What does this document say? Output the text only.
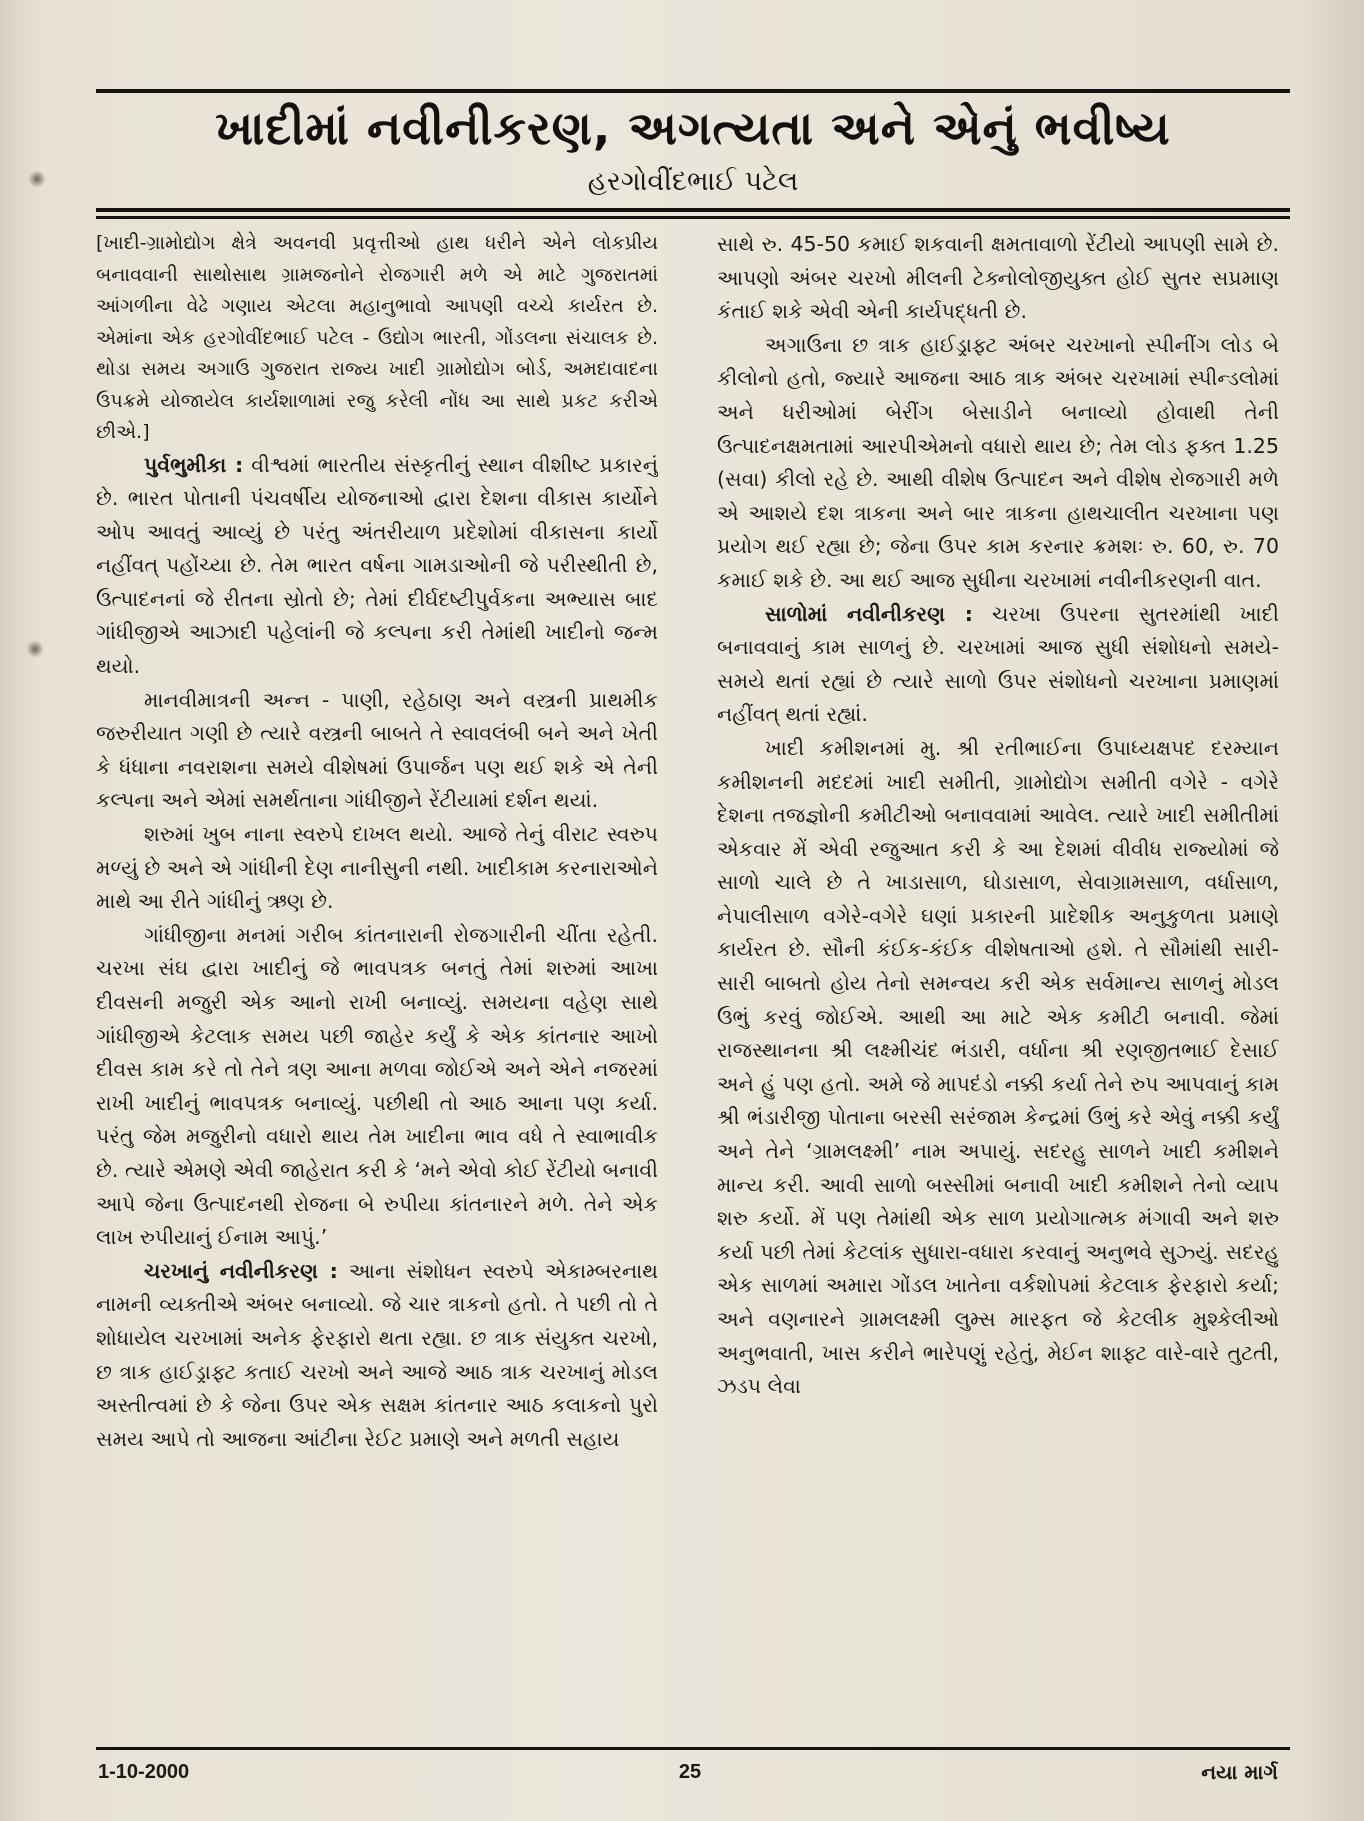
ખાદીમાં નવીનીકરણ, અગત્યતા અને એનું ભવીષ્ય
હરગોવીંદભાઈ પટેલ

[ખાદી-ગ્રામોદ્યોગ ક્ષેત્રે અવનવી પ્રવૃત્તીઓ હાથ ધરીને એને લોકપ્રીય બનાવવાની સાથોસાથ ગ્રામજનોને રોજગારી મળે એ માટે ગુજરાતમાં આંગળીના વેઢે ગણાય એટલા મહાનુભાવો આપણી વચ્ચે કાર્યરત છે. એમાંના એક હરગોવીંદભાઈ પટેલ - ઉદ્યોગ ભારતી, ગોંડલના સંચાલક છે. થોડા સમય અગાઉ ગુજરાત રાજ્ય ખાદી ગ્રામોદ્યોગ બોર્ડ, અમદાવાદના ઉપક્રમે યોજાયેલ કાર્યશાળામાં રજુ કરેલી નોંધ આ સાથે પ્રકટ કરીએ છીએ.]

પુર્વભુમીકા : વીશ્વમાં ભારતીય સંસ્કૃતીનું સ્થાન વીશીષ્ટ પ્રકારનું છે. ભારત પોતાની પંચવર્ષીય યોજનાઓ દ્વારા દેશના વીકાસ કાર્યોને ઓપ આવતું આવ્યું છે પરંતુ અંતરીયાળ પ્રદેશોમાં વીકાસના કાર્યો નહીંવત્ પહોંચ્યા છે. તેમ ભારત વર્ષના ગામડાઓની જે પરીસ્થીતી છે, ઉત્પાદનનાં જે રીતના સ્રોતો છે; તેમાં દીર્ઘદષ્ટીપુર્વકના અભ્યાસ બાદ ગાંધીજીએ આઝાદી પહેલાંની જે કલ્પના કરી તેમાંથી ખાદીનો જન્મ થયો.

માનવીમાત્રની અન્ન - પાણી, રહેઠાણ અને વસ્ત્રની પ્રાથમીક જરુરીયાત ગણી છે ત્યારે વસ્ત્રની બાબતે તે સ્વાવલંબી બને અને ખેતી કે ધંધાના નવરાશના સમયે વીશેષમાં ઉપાર્જન પણ થઈ શકે એ તેની કલ્પના અને એમાં સમર્થતાના ગાંધીજીને રેંટીયામાં દર્શન થયાં.

શરુમાં ખુબ નાના સ્વરુપે દાખલ થયો. આજે તેનું વીરાટ સ્વરુપ મળ્યું છે અને એ ગાંધીની દેણ નાનીસુની નથી. ખાદીકામ કરનારાઓને માથે આ રીતે ગાંધીનું ઋણ છે.

ગાંધીજીના મનમાં ગરીબ કાંતનારાની રોજગારીની ચીંતા રહેતી. ચરખા સંઘ દ્વારા ખાદીનું જે ભાવપત્રક બનતું તેમાં શરુમાં આખા દીવસની મજુરી એક આનો રાખી બનાવ્યું. સમયના વહેણ સાથે ગાંધીજીએ કેટલાક સમય પછી જાહેર કર્યું કે એક કાંતનાર આખો દીવસ કામ કરે તો તેને ત્રણ આના મળવા જોઈએ અને એને નજરમાં રાખી ખાદીનું ભાવપત્રક બનાવ્યું. પછીથી તો આઠ આના પણ કર્યા. પરંતુ જેમ મજુરીનો વધારો થાય તેમ ખાદીના ભાવ વધે તે સ્વાભાવીક છે. ત્યારે એમણે એવી જાહેરાત કરી કે ‘મને એવો કોઈ રેંટીયો બનાવી આપે જેના ઉત્પાદનથી રોજના બે રુપીયા કાંતનારને મળે. તેને એક લાખ રુપીયાનું ઈનામ આપું.’

ચરખાનું નવીનીકરણ : આના સંશોધન સ્વરુપે એકામ્બરનાથ નામની વ્યક્તીએ અંબર બનાવ્યો. જે ચાર ત્રાકનો હતો. તે પછી તો તે શોધાયેલ ચરખામાં અનેક ફેરફારો થતા રહ્યા. છ ત્રાક સંયુક્ત ચરખો, છ ત્રાક હાઈડ્રાફ્ટ કતાઈ ચરખો અને આજે આઠ ત્રાક ચરખાનું મોડલ અસ્તીત્વમાં છે કે જેના ઉપર એક સક્ષમ કાંતનાર આઠ કલાકનો પુરો સમય આપે તો આજના આંટીના રેઈટ પ્રમાણે અને મળતી સહાય

સાથે રુ. 45-50 કમાઈ શકવાની ક્ષમતાવાળો રેંટીયો આપણી સામે છે. આપણો અંબર ચરખો મીલની ટેક્નોલોજીયુક્ત હોઈ સુતર સપ્રમાણ કંતાઈ શકે એવી એની કાર્યપદ્ધતી છે.

અગાઉના છ ત્રાક હાઈડ્રાફ્ટ અંબર ચરખાનો સ્પીનીંગ લોડ બે કીલોનો હતો, જ્યારે આજના આઠ ત્રાક અંબર ચરખામાં સ્પીન્ડલોમાં અને ધરીઓમાં બેરીંગ બેસાડીને બનાવ્યો હોવાથી તેની ઉત્પાદનક્ષમતામાં આરપીએમનો વધારો થાય છે; તેમ લોડ ફક્ત 1.25 (સવા) કીલો રહે છે. આથી વીશેષ ઉત્પાદન અને વીશેષ રોજગારી મળે એ આશયે દશ ત્રાકના અને બાર ત્રાકના હાથચાલીત ચરખાના પણ પ્રયોગ થઈ રહ્યા છે; જેના ઉપર કામ કરનાર ક્રમશઃ રુ. 60, રુ. 70 કમાઈ શકે છે. આ થઈ આજ સુધીના ચરખામાં નવીનીકરણની વાત.

સાળોમાં નવીનીકરણ : ચરખા ઉપરના સુતરમાંથી ખાદી બનાવવાનું કામ સાળનું છે. ચરખામાં આજ સુધી સંશોધનો સમયે-સમયે થતાં રહ્યાં છે ત્યારે સાળો ઉપર સંશોધનો ચરખાના પ્રમાણમાં નહીંવત્ થતાં રહ્યાં.

ખાદી કમીશનમાં મુ. શ્રી રતીભાઈના ઉપાધ્યક્ષપદ દરમ્યાન કમીશનની મદદમાં ખાદી સમીતી, ગ્રામોદ્યોગ સમીતી વગેરે - વગેરે દેશના તજજ્ઞોની કમીટીઓ બનાવવામાં આવેલ. ત્યારે ખાદી સમીતીમાં એકવાર મેં એવી રજુઆત કરી કે આ દેશમાં વીવીધ રાજ્યોમાં જે સાળો ચાલે છે તે ખાડાસાળ, ઘોડાસાળ, સેવાગ્રામસાળ, વર્ધાસાળ, નેપાલીસાળ વગેરે-વગેરે ઘણાં પ્રકારની પ્રાદેશીક અનુકુળતા પ્રમાણે કાર્યરત છે. સૌની કંઈક-કંઈક વીશેષતાઓ હશે. તે સૌમાંથી સારી-સારી બાબતો હોય તેનો સમન્વય કરી એક સર્વમાન્ય સાળનું મોડલ ઉભું કરવું જોઈએ. આથી આ માટે એક કમીટી બનાવી. જેમાં રાજસ્થાનના શ્રી લક્ષ્મીચંદ ભંડારી, વર્ધાના શ્રી રણજીતભાઈ દેસાઈ અને હું પણ હતો. અમે જે માપદંડો નક્કી કર્યા તેને રુપ આપવાનું કામ શ્રી ભંડારીજી પોતાના બરસી સરંજામ કેન્દ્રમાં ઉભું કરે એવું નક્કી કર્યું અને તેને ‘ગ્રામલક્ષ્મી’ નામ અપાયું. સદરહુ સાળને ખાદી કમીશને માન્ય કરી. આવી સાળો બસ્સીમાં બનાવી ખાદી કમીશને તેનો વ્યાપ શરુ કર્યો. મેં પણ તેમાંથી એક સાળ પ્રયોગાત્મક મંગાવી અને શરુ કર્યા પછી તેમાં કેટલાંક સુધારા-વધારા કરવાનું અનુભવે સુઝ્યું. સદરહુ એક સાળમાં અમારા ગોંડલ ખાતેના વર્કશોપમાં કેટલાક ફેરફારો કર્યા; અને વણનારને ગ્રામલક્ષ્મી લુમ્સ મારફત જે કેટલીક મુશ્કેલીઓ અનુભવાતી, ખાસ કરીને ભારેપણું રહેતું, મેઈન શાફ્ટ વારે-વારે તુટતી, ઝડપ લેવા

1-10-2000	25	નયા માર્ગ
